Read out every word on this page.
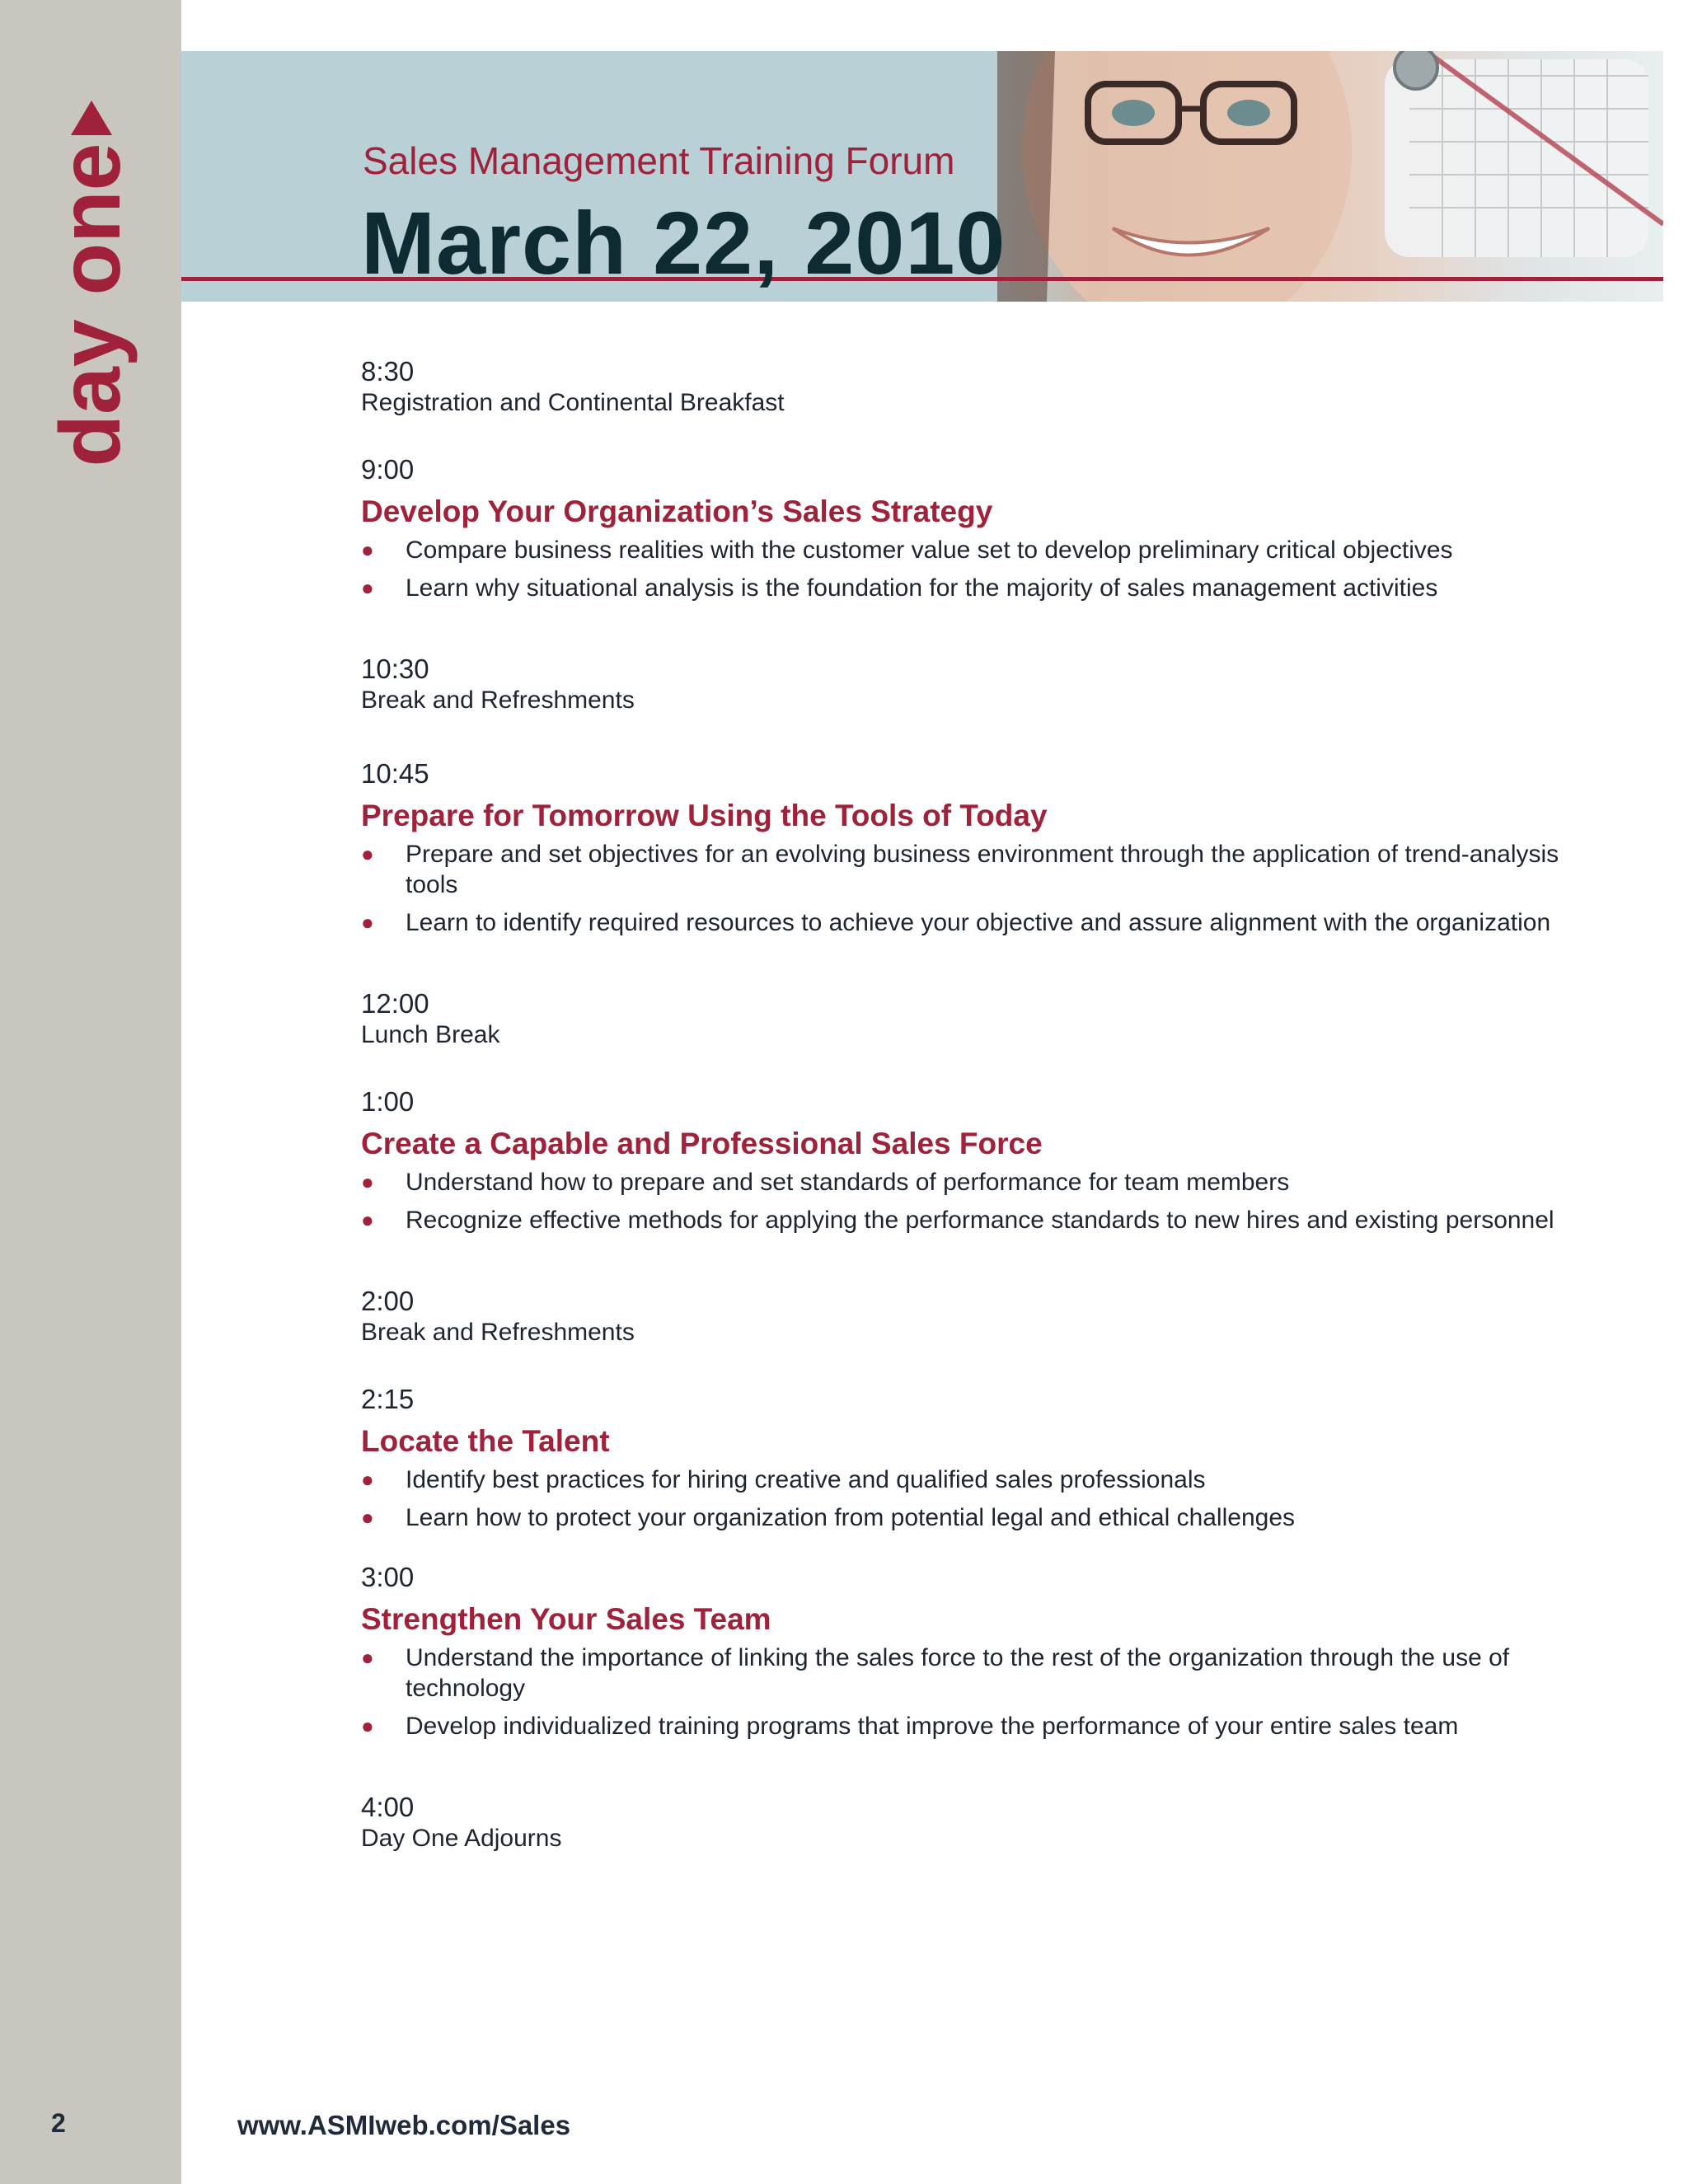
day one
2	www.ASMIweb.com/Sales
Sales Management Training Forum
March 22, 2010
8:30
Registration and Continental Breakfast
9:00
Develop Your Organization’s Sales Strategy
● Compare business realities with the customer value set to develop preliminary critical objectives
● Learn why situational analysis is the foundation for the majority of sales management activities
10:30
Break and Refreshments
10:45
Prepare for Tomorrow Using the Tools of Today
● Prepare and set objectives for an evolving business environment through the application of trend-analysis tools
● Learn to identify required resources to achieve your objective and assure alignment with the organization
12:00
Lunch Break
1:00
Create a Capable and Professional Sales Force
● Understand how to prepare and set standards of performance for team members
● Recognize effective methods for applying the performance standards to new hires and existing personnel
2:00
Break and Refreshments
2:15
Locate the Talent
● Identify best practices for hiring creative and qualified sales professionals
● Learn how to protect your organization from potential legal and ethical challenges
3:00
Strengthen Your Sales Team
● Understand the importance of linking the sales force to the rest of the organization through the use of technology
● Develop individualized training programs that improve the performance of your entire sales team
4:00
Day One Adjourns
